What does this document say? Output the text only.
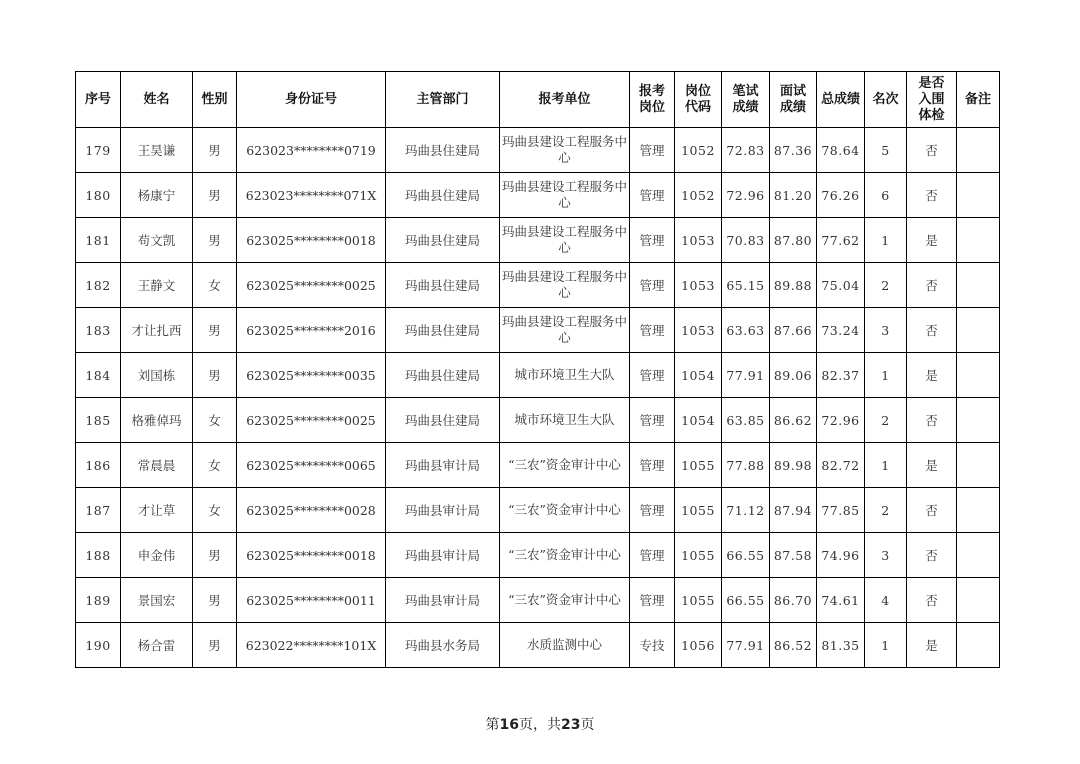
序号	姓名	性别	身份证号	主管部门	报考单位	报考岗位	岗位代码	笔试成绩	面试成绩	总成绩	名次	是否入围体检	备注
179	王昊谦	男	623023********0719	玛曲县住建局	玛曲县建设工程服务中心	管理	1052	72.83	87.36	78.64	5	否	
180	杨康宁	男	623023********071X	玛曲县住建局	玛曲县建设工程服务中心	管理	1052	72.96	81.20	76.26	6	否	
181	苟文凯	男	623025********0018	玛曲县住建局	玛曲县建设工程服务中心	管理	1053	70.83	87.80	77.62	1	是	
182	王静文	女	623025********0025	玛曲县住建局	玛曲县建设工程服务中心	管理	1053	65.15	89.88	75.04	2	否	
183	才让扎西	男	623025********2016	玛曲县住建局	玛曲县建设工程服务中心	管理	1053	63.63	87.66	73.24	3	否	
184	刘国栋	男	623025********0035	玛曲县住建局	城市环境卫生大队	管理	1054	77.91	89.06	82.37	1	是	
185	格雅倬玛	女	623025********0025	玛曲县住建局	城市环境卫生大队	管理	1054	63.85	86.62	72.96	2	否	
186	常晨晨	女	623025********0065	玛曲县审计局	“三农”资金审计中心	管理	1055	77.88	89.98	82.72	1	是	
187	才让草	女	623025********0028	玛曲县审计局	“三农”资金审计中心	管理	1055	71.12	87.94	77.85	2	否	
188	申金伟	男	623025********0018	玛曲县审计局	“三农”资金审计中心	管理	1055	66.55	87.58	74.96	3	否	
189	景国宏	男	623025********0011	玛曲县审计局	“三农”资金审计中心	管理	1055	66.55	86.70	74.61	4	否	
190	杨合雷	男	623022********101X	玛曲县水务局	水质监测中心	专技	1056	77.91	86.52	81.35	1	是	
第16页，共23页
